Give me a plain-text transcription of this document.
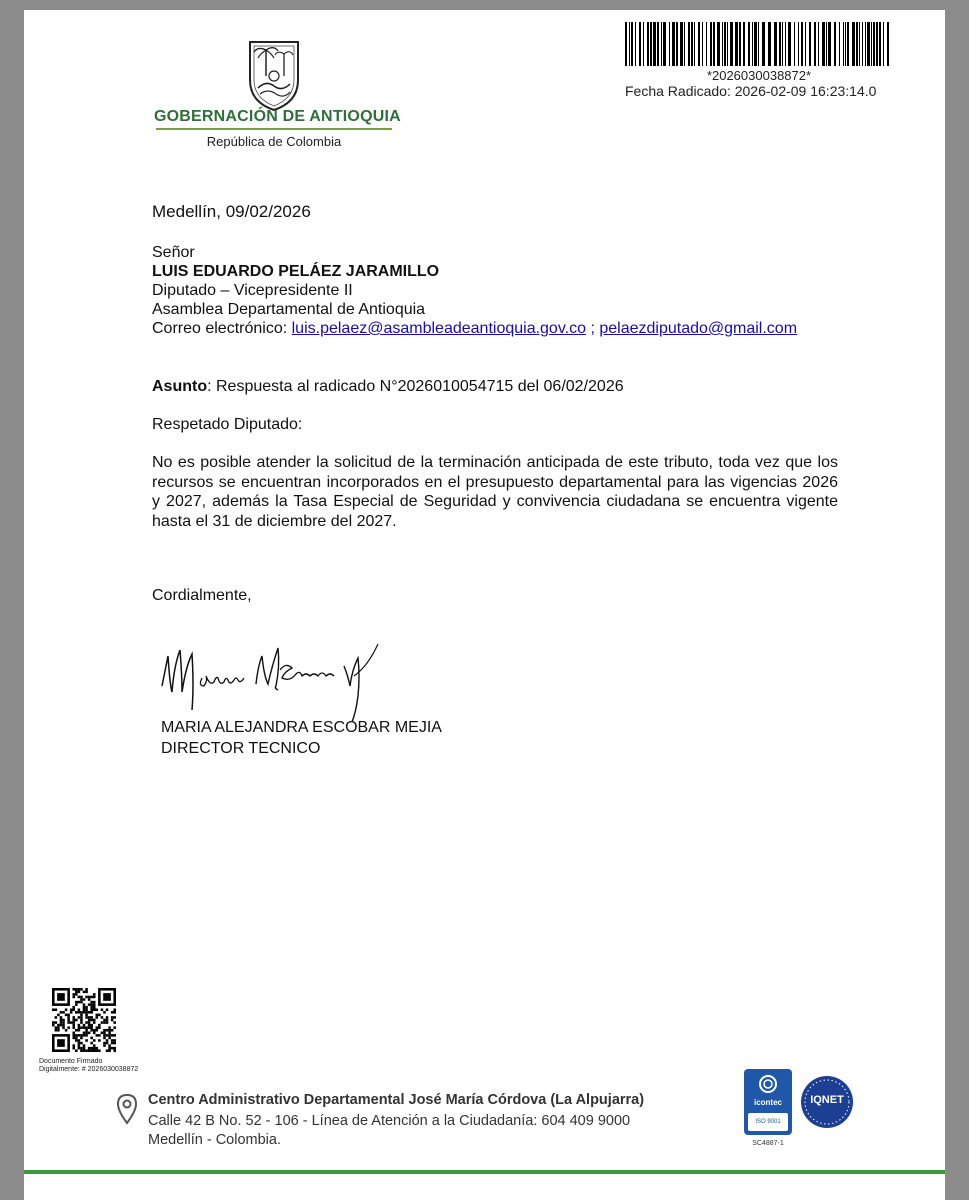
GOBERNACIÓN DE ANTIOQUIA
República de Colombia
*2026030038872*
Fecha Radicado: 2026-02-09 16:23:14.0
Medellín, 09/02/2026
Señor
LUIS EDUARDO PELÁEZ JARAMILLO
Diputado – Vicepresidente II
Asamblea Departamental de Antioquia
Correo electrónico: luis.pelaez@asambleadeantioquia.gov.co ; pelaezdiputado@gmail.com
Asunto: Respuesta al radicado N°2026010054715 del 06/02/2026
Respetado Diputado:
No es posible atender la solicitud de la terminación anticipada de este tributo, toda vez que los recursos se encuentran incorporados en el presupuesto departamental para las vigencias 2026 y 2027, además la Tasa Especial de Seguridad y convivencia ciudadana se encuentra vigente hasta el 31 de diciembre del 2027.
Cordialmente,
MARIA ALEJANDRA ESCOBAR MEJIA
DIRECTOR TECNICO
Documento Firmado
Digitalmente: # 2026030038872
Centro Administrativo Departamental José María Córdova (La Alpujarra)
Calle 42 B No. 52 - 106 - Línea de Atención a la Ciudadanía: 604 409 9000
Medellín - Colombia.
icontec
ISO 9001
SC4887-1
IQNET
